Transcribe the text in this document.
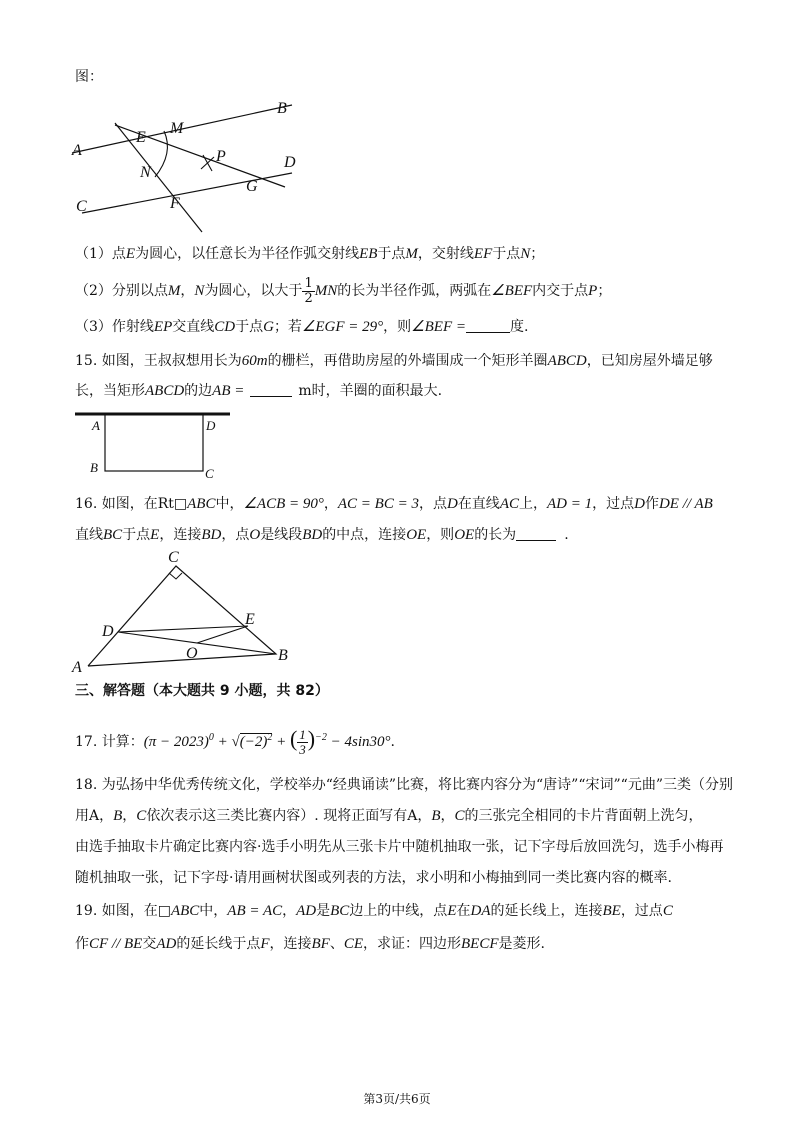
图：
A
B
C
D
E
F
G
M
N
P
（1）点E为圆心，以任意长为半径作弧交射线EB于点M，交射线EF于点N；
（2）分别以点M，N为圆心，以大于 $\frac{1}{2}$ MN的长为半径作弧，两弧在∠BEF内交于点P；
（3）作射线EP交直线CD于点G；若∠EGF = 29°，则∠BEF =	度.
15. 如图，王叔叔想用长为60m的栅栏，再借助房屋的外墙围成一个矩形羊圈ABCD，已知房屋外墙足够
长，当矩形ABCD的边AB =	m时，羊圈的面积最大.
A
B	C
D
16. 如图，在Rt□ABC中，∠ACB = 90°，AC = BC = 3，点D在直线AC上，AD = 1，过点D作DE // AB
直线BC于点E，连接BD，点O是线段BD的中点，连接OE，则OE的长为	.
A
B
C
D
E
O
三、解答题（本大题共 9 小题，共 82）
17. 计算：$(\pi - 2023)^0 + √(-2)^2$ + ( $\frac{1}{3} )^{-2} - 4\sin 30^\circ$.
18. 为弘扬中华优秀传统文化，学校举办“经典诵读”比赛，将比赛内容分为“唐诗”“宋词”“元曲”三类（分别
用A，B，C依次表示这三类比赛内容）. 现将正面写有A，B，C的三张完全相同的卡片背面朝上洗匀，
由选手抽取卡片确定比赛内容·选手小明先从三张卡片中随机抽取一张，记下字母后放回洗匀，选手小梅再
随机抽取一张，记下字母·请用画树状图或列表的方法，求小明和小梅抽到同一类比赛内容的概率.
19. 如图，在□ABC中，AB = AC，AD是BC边上的中线，点E在DA的延长线上，连接BE，过点C
作CF // BE交AD的延长线于点F，连接BF、CE，求证：四边形BECF是菱形.
第3页/共6页
